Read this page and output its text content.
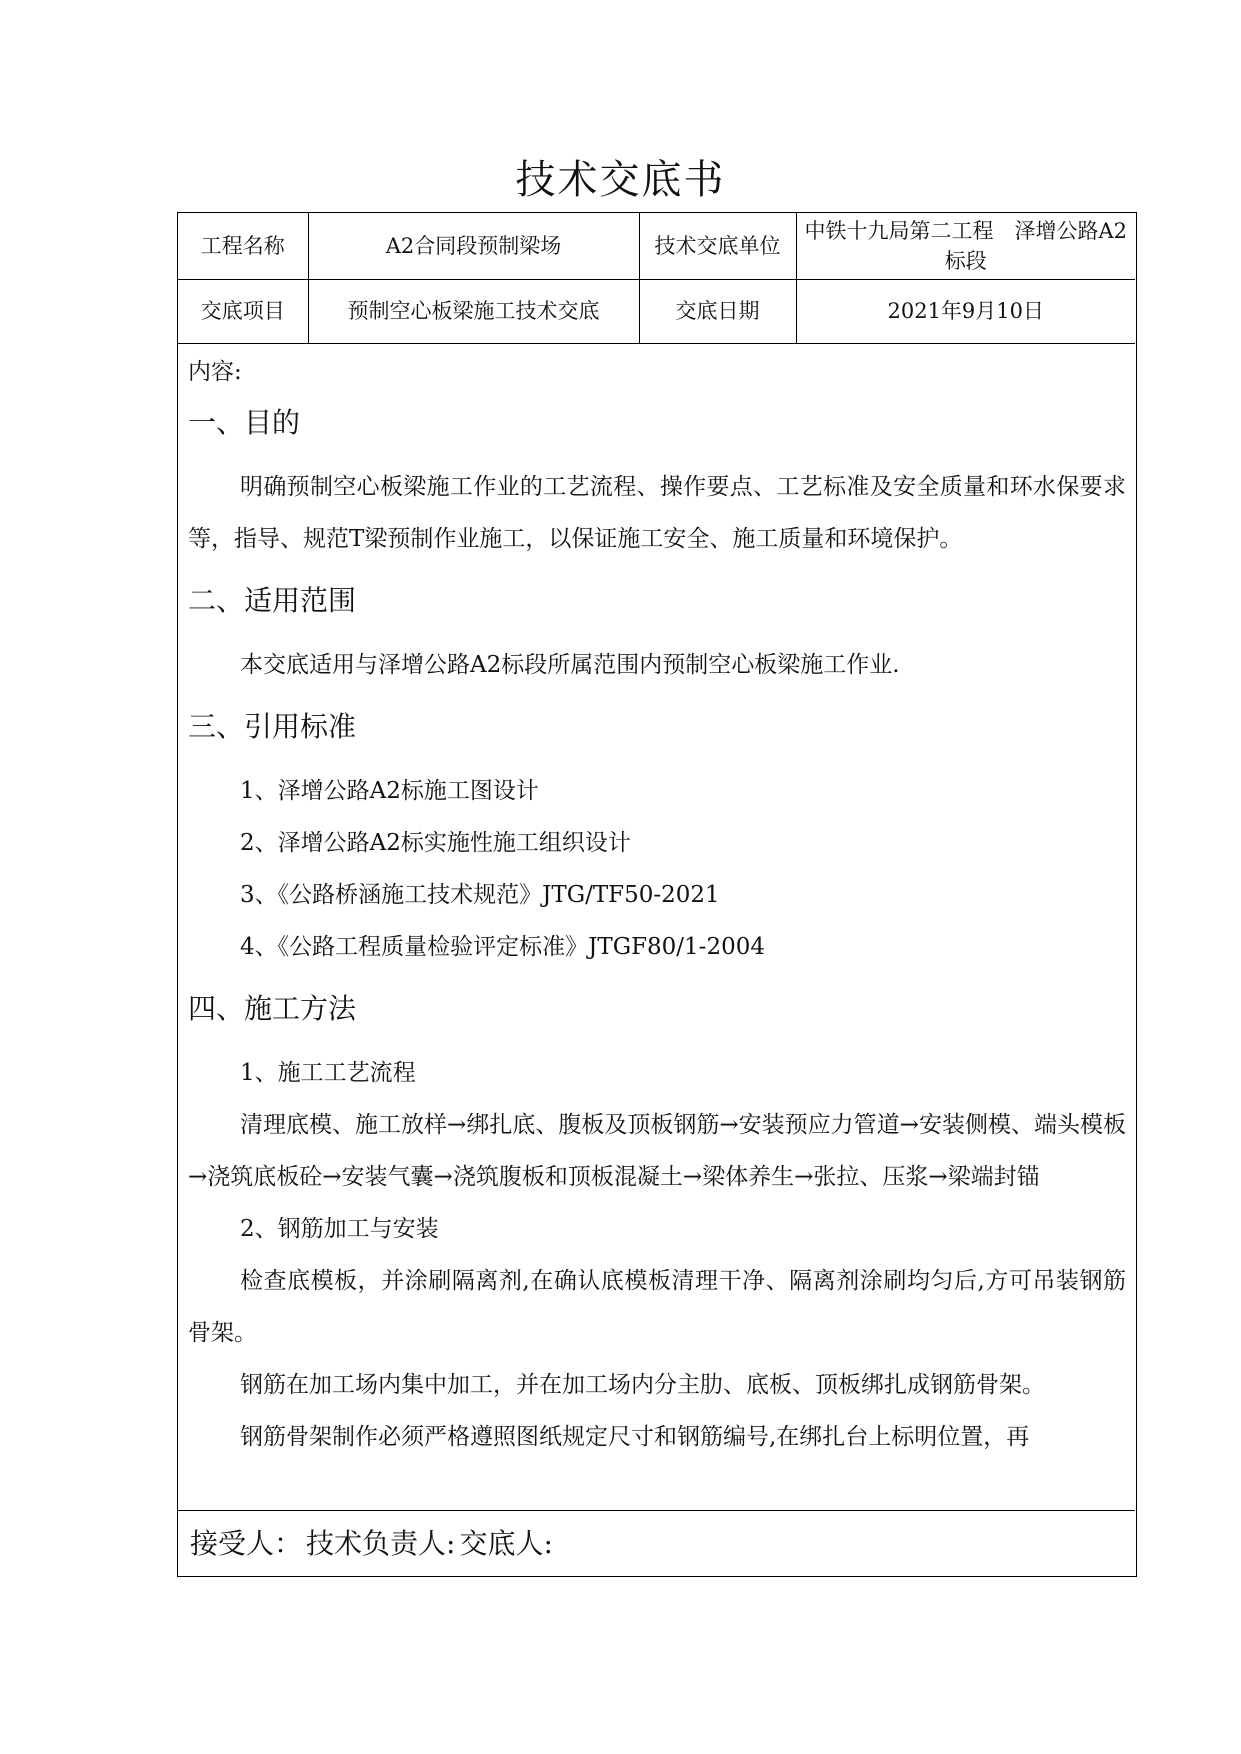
技术交底书
工程名称	A2合同段预制梁场	技术交底单位	中铁十九局第二工程　泽增公路A2标段
交底项目	预制空心板梁施工技术交底	交底日期	2021年9月10日
内容:
一、目的

明确预制空心板梁施工作业的工艺流程、操作要点、工艺标准及安全质量和环水保要求等，指导、规范T梁预制作业施工，以保证施工安全、施工质量和环境保护。

二、适用范围

本交底适用与泽增公路A2标段所属范围内预制空心板梁施工作业.

三、引用标准

1、泽增公路A2标施工图设计

2、泽增公路A2标实施性施工组织设计

3、《公路桥涵施工技术规范》JTG/TF50-2021

4、《公路工程质量检验评定标准》JTGF80/1-2004

四、施工方法

1、施工工艺流程

清理底模、施工放样→绑扎底、腹板及顶板钢筋→安装预应力管道→安装侧模、端头模板→浇筑底板砼→安装气囊→浇筑腹板和顶板混凝土→梁体养生→张拉、压浆→梁端封锚

2、钢筋加工与安装

检查底模板，并涂刷隔离剂,在确认底模板清理干净、隔离剂涂刷均匀后,方可吊装钢筋骨架。

钢筋在加工场内集中加工，并在加工场内分主肋、底板、顶板绑扎成钢筋骨架。

钢筋骨架制作必须严格遵照图纸规定尺寸和钢筋编号,在绑扎台上标明位置，再

接受人： 技术负责人: 交底人:
